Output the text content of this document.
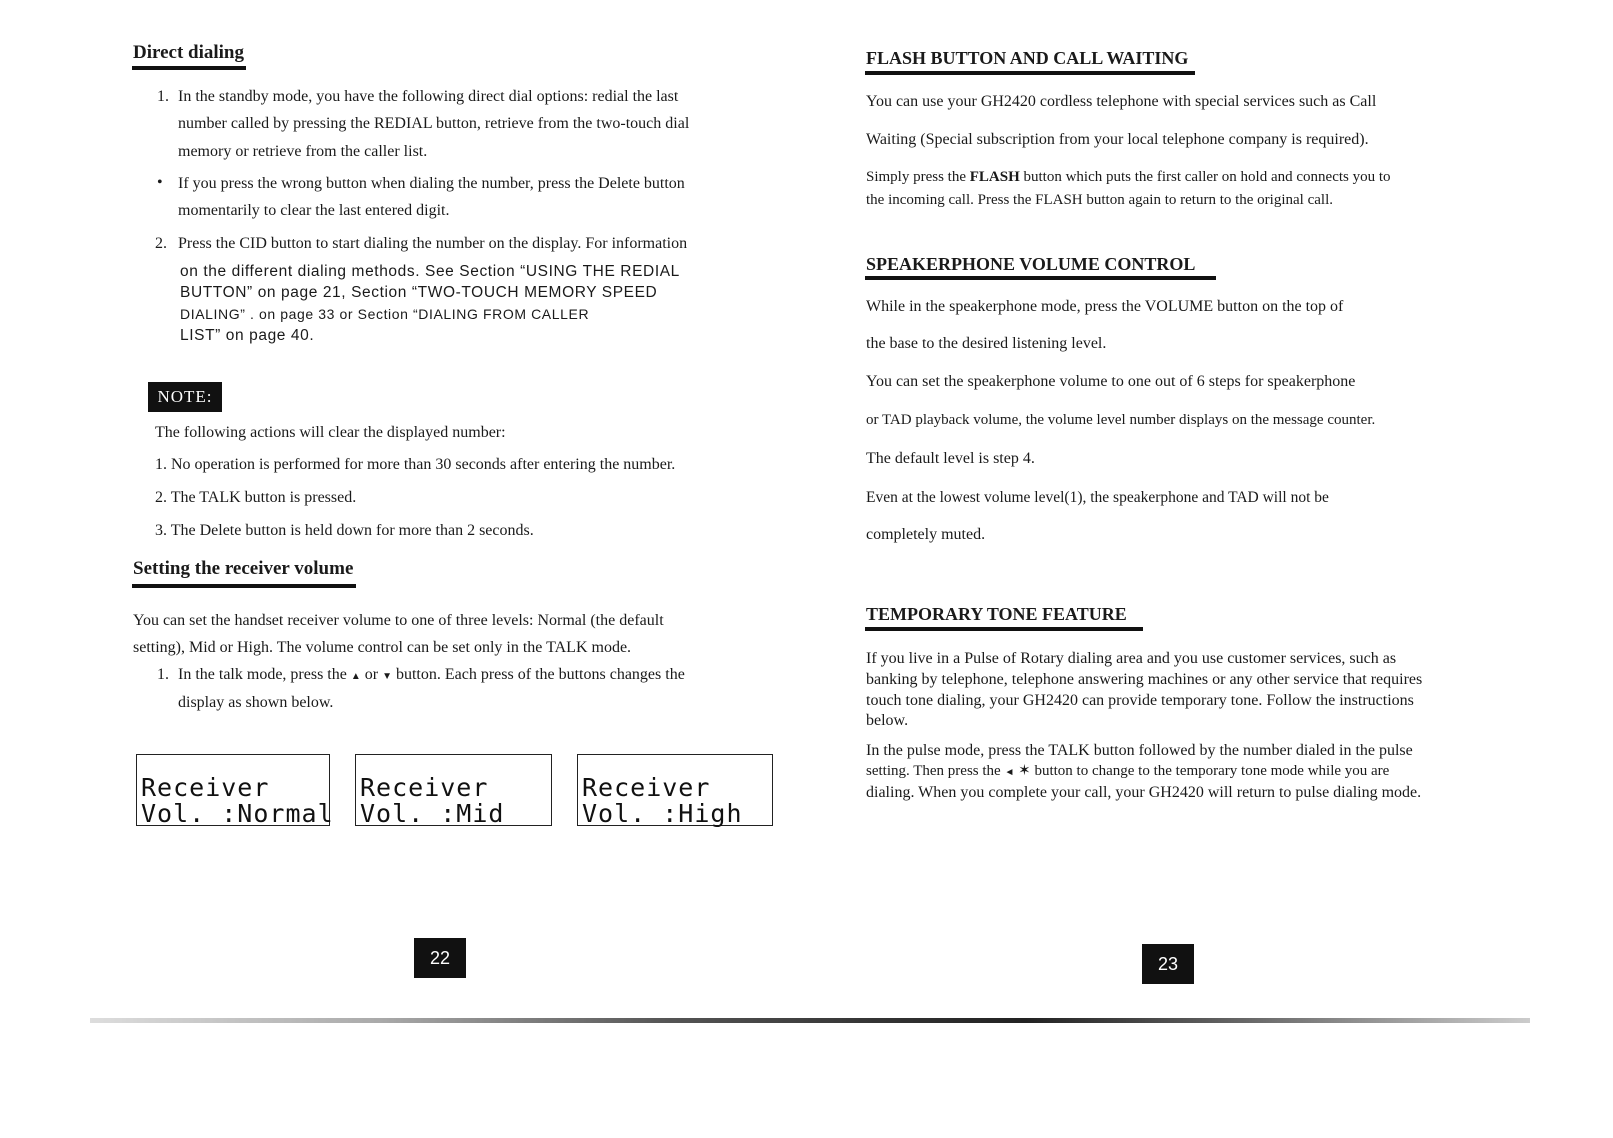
Direct dialing
1. In the standby mode, you have the following direct dial options: redial the last
number called by pressing the REDIAL button, retrieve from the two-touch dial
memory or retrieve from the caller list.
• If you press the wrong button when dialing the number, press the Delete button
momentarily to clear the last entered digit.
2. Press the CID button to start dialing the number on the display. For information
on the different dialing methods. See Section “USING THE REDIAL
BUTTON” on page 21, Section “TWO-TOUCH MEMORY SPEED
DIALING” . on page 33 or Section “DIALING FROM CALLER
LIST” on page 40.
NOTE:
The following actions will clear the displayed number:
1. No operation is performed for more than 30 seconds after entering the number.
2. The TALK button is pressed.
3. The Delete button is held down for more than 2 seconds.
Setting the receiver volume
You can set the handset receiver volume to one of three levels: Normal (the default
setting), Mid or High. The volume control can be set only in the TALK mode.
1. In the talk mode, press the ▲ or ▼ button. Each press of the buttons changes the
display as shown below.
Receiver
Vol. :Normal
Receiver
Vol. :Mid
Receiver
Vol. :High
22
FLASH BUTTON AND CALL WAITING
You can use your GH2420 cordless telephone with special services such as Call
Waiting (Special subscription from your local telephone company is required).
Simply press the FLASH button which puts the first caller on hold and connects you to
the incoming call. Press the FLASH button again to return to the original call.
SPEAKERPHONE VOLUME CONTROL
While in the speakerphone mode, press the VOLUME button on the top of
the base to the desired listening level.
You can set the speakerphone volume to one out of 6 steps for speakerphone
or TAD playback volume, the volume level number displays on the message counter.
The default level is step 4.
Even at the lowest volume level(1), the speakerphone and TAD will not be
completely muted.
TEMPORARY TONE FEATURE
If you live in a Pulse of Rotary dialing area and you use customer services, such as
banking by telephone, telephone answering machines or any other service that requires
touch tone dialing, your GH2420 can provide temporary tone. Follow the instructions
below.
In the pulse mode, press the TALK button followed by the number dialed in the pulse
setting. Then press the ◄ ✶ button to change to the temporary tone mode while you are
dialing. When you complete your call, your GH2420 will return to pulse dialing mode.
23
